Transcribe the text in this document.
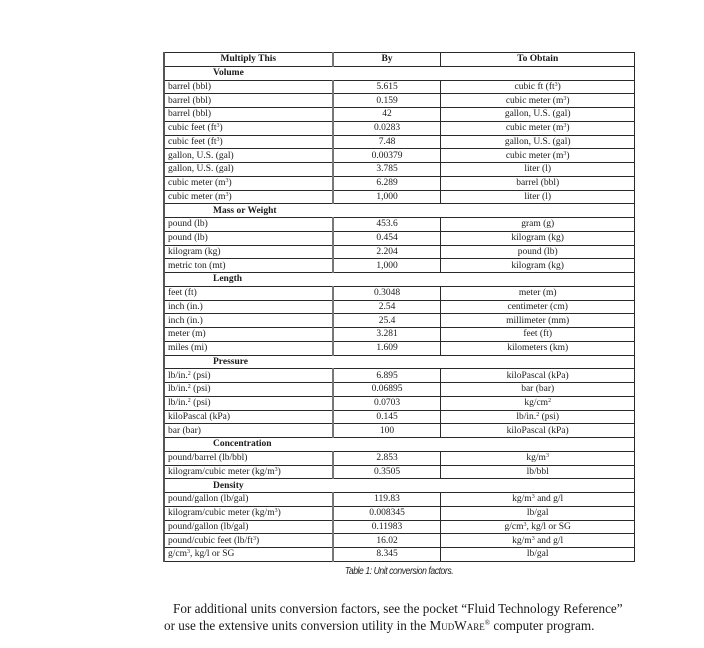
Multiply This	By	To Obtain
Volume		
barrel (bbl)	5.615	cubic ft $(ft^3)$
barrel (bbl)	0.159	cubic meter $(m^3)$
barrel (bbl)	42	gallon, U.S. (gal)
cubic feet $(ft^3)$	0.0283	cubic meter $(m^3)$
cubic feet $(ft^3)$	7.48	gallon, U.S. (gal)
gallon, U.S. (gal)	0.00379	cubic meter $(m^3)$
gallon, U.S. (gal)	3.785	liter (l)
cubic meter $(m^3)$	6.289	barrel (bbl)
cubic meter $(m^3)$	1,000	liter (l)
Mass or Weight		
pound (lb)	453.6	gram (g)
pound (lb)	0.454	kilogram (kg)
kilogram (kg)	2.204	pound (lb)
metric ton (mt)	1,000	kilogram (kg)
Length		
feet (ft)	0.3048	meter (m)
inch (in.)	2.54	centimeter (cm)
inch (in.)	25.4	millimeter (mm)
meter (m)	3.281	feet (ft)
miles (mi)	1.609	kilometers (km)
Pressure		
lb/in.$^2$ (psi)	6.895	kiloPascal (kPa)
lb/in.$^2$ (psi)	0.06895	bar (bar)
lb/in.$^2$ (psi)	0.0703	$kg/cm^2$
kiloPascal (kPa)	0.145	lb/in.$^2$ (psi)
bar (bar)	100	kiloPascal (kPa)
Concentration		
pound/barrel (lb/bbl)	2.853	$kg/m^3$
kilogram/cubic meter $(kg/m^3)$	0.3505	lb/bbl
Density		
pound/gallon (lb/gal)	119.83	$kg/m^3$ and g/l
kilogram/cubic meter $(kg/m^3)$	0.008345	lb/gal
pound/gallon (lb/gal)	0.11983	$g/cm^3$, kg/l or SG
pound/cubic feet $(lb/ft^3)$	16.02	$kg/m^3$ and g/l
$g/cm^3$, kg/l or SG	8.345	lb/gal
Table 1: Unit conversion factors.

For additional units conversion factors, see the pocket “Fluid Technology Reference” or use the extensive units conversion utility in the MudWare® computer program.
